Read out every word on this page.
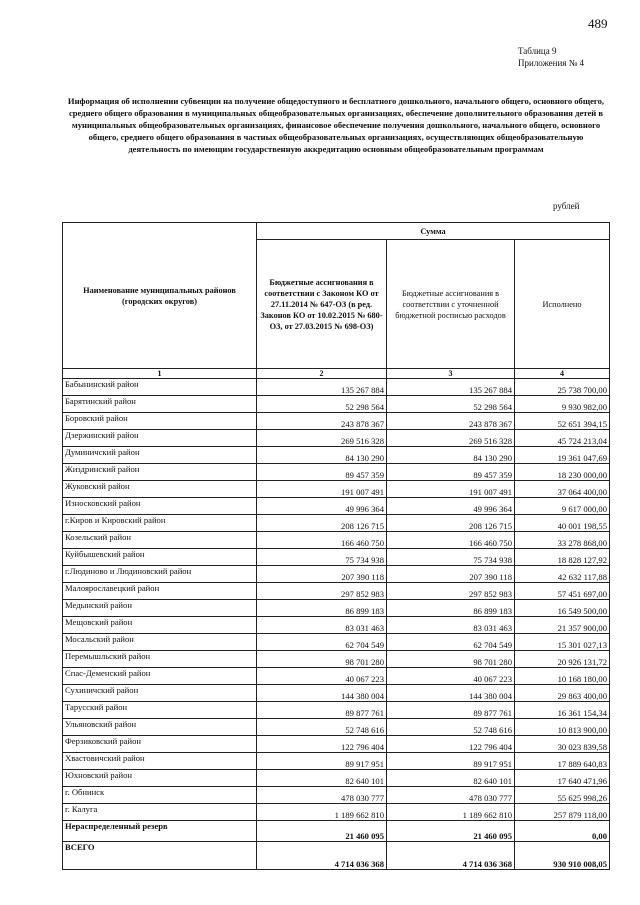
489
Таблица 9
Приложения № 4
Информация об исполнении субвенции на получение общедоступного и бесплатного дошкольного, начального общего, основного общего, среднего общего образования в муниципальных общеобразовательных организациях, обеспечение дополнительного образования детей в муниципальных общеобразовательных организациях, финансовое обеспечение получения дошкольного, начального общего, основного общего, среднего общего образования в частных общеобразовательных организациях, осуществляющих общеобразовательную деятельность по имеющим государственную аккредитацию основным общеобразовательным программам
рублей
Наименование муниципальных районов (городских округов)	Сумма		
	Бюджетные ассигнования в соответствии с Законом КО от 27.11.2014 № 647-ОЗ (в ред. Законов КО от 10.02.2015 № 680-ОЗ, от 27.03.2015 № 698-ОЗ)	Бюджетные ассигнования в соответствии с уточненной бюджетной росписью расходов	Исполнено
1	2	3	4
Бабынинский район	135 267 884	135 267 884	25 738 700,00
Барятинский район	52 298 564	52 298 564	9 930 982,00
Боровский район	243 878 367	243 878 367	52 651 394,15
Дзержинский район	269 516 328	269 516 328	45 724 213,04
Думиничский район	84 130 290	84 130 290	19 361 047,69
Жиздринский район	89 457 359	89 457 359	18 230 000,00
Жуковский район	191 007 491	191 007 491	37 064 400,00
Износковский район	49 996 364	49 996 364	9 617 000,00
г.Киров и Кировский район	208 126 715	208 126 715	40 001 198,55
Козельский район	166 460 750	166 460 750	33 278 868,00
Куйбышевский район	75 734 938	75 734 938	18 828 127,92
г.Людиново и Людиновский район	207 390 118	207 390 118	42 632 117,88
Малоярославецкий район	297 852 983	297 852 983	57 451 697,00
Медынский район	86 899 183	86 899 183	16 549 500,00
Мещовский район	83 031 463	83 031 463	21 357 900,00
Мосальский район	62 704 549	62 704 549	15 301 027,13
Перемышльский район	98 701 280	98 701 280	20 926 131,72
Спас-Деменский район	40 067 223	40 067 223	10 168 180,00
Сухиничский район	144 380 004	144 380 004	29 863 400,00
Тарусский район	89 877 761	89 877 761	16 361 154,34
Ульяновский район	52 748 616	52 748 616	10 813 900,00
Ферзиковский район	122 796 404	122 796 404	30 023 839,58
Хвастовичский район	89 917 951	89 917 951	17 889 640,83
Юхновский район	82 640 101	82 640 101	17 640 471,96
г. Обнинск	478 030 777	478 030 777	55 625 998,26
г. Калуга	1 189 662 810	1 189 662 810	257 879 118,00
Нераспределенный резерв	21 460 095	21 460 095	0,00
ВСЕГО	4 714 036 368	4 714 036 368	930 910 008,05
